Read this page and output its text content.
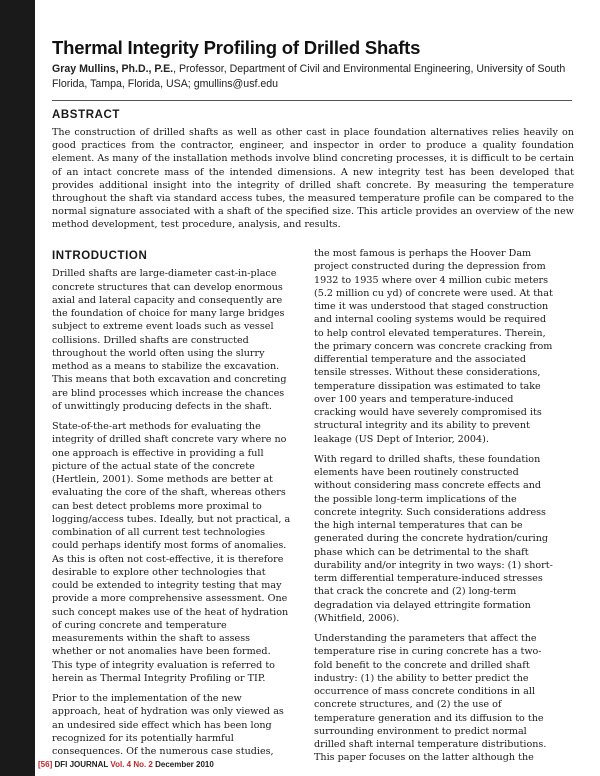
Thermal Integrity Profiling of Drilled Shafts
Gray Mullins, Ph.D., P.E., Professor, Department of Civil and Environmental Engineering, University of South Florida, Tampa, Florida, USA; gmullins@usf.edu
ABSTRACT
The construction of drilled shafts as well as other cast in place foundation alternatives relies heavily on good practices from the contractor, engineer, and inspector in order to produce a quality foundation element. As many of the installation methods involve blind concreting processes, it is difficult to be certain of an intact concrete mass of the intended dimensions. A new integrity test has been developed that provides additional insight into the integrity of drilled shaft concrete. By measuring the temperature throughout the shaft via standard access tubes, the measured temperature profile can be compared to the normal signature associated with a shaft of the specified size. This article provides an overview of the new method development, test procedure, analysis, and results.
INTRODUCTION

Drilled shafts are large-diameter cast-in-place concrete structures that can develop enormous axial and lateral capacity and consequently are the foundation of choice for many large bridges subject to extreme event loads such as vessel collisions. Drilled shafts are constructed throughout the world often using the slurry method as a means to stabilize the excavation. This means that both excavation and concreting are blind processes which increase the chances of unwittingly producing defects in the shaft.

State-of-the-art methods for evaluating the integrity of drilled shaft concrete vary where no one approach is effective in providing a full picture of the actual state of the concrete (Hertlein, 2001). Some methods are better at evaluating the core of the shaft, whereas others can best detect problems more proximal to logging/access tubes. Ideally, but not practical, a combination of all current test technologies could perhaps identify most forms of anomalies. As this is often not cost-effective, it is therefore desirable to explore other technologies that could be extended to integrity testing that may provide a more comprehensive assessment. One such concept makes use of the heat of hydration of curing concrete and temperature measurements within the shaft to assess whether or not anomalies have been formed. This type of integrity evaluation is referred to herein as Thermal Integrity Profiling or TIP.

Prior to the implementation of the new approach, heat of hydration was only viewed as an undesired side effect which has been long recognized for its potentially harmful consequences. Of the numerous case studies,

the most famous is perhaps the Hoover Dam project constructed during the depression from 1932 to 1935 where over 4 million cubic meters (5.2 million cu yd) of concrete were used. At that time it was understood that staged construction and internal cooling systems would be required to help control elevated temperatures. Therein, the primary concern was concrete cracking from differential temperature and the associated tensile stresses. Without these considerations, temperature dissipation was estimated to take over 100 years and temperature-induced cracking would have severely compromised its structural integrity and its ability to prevent leakage (US Dept of Interior, 2004).

With regard to drilled shafts, these foundation elements have been routinely constructed without considering mass concrete effects and the possible long-term implications of the concrete integrity. Such considerations address the high internal temperatures that can be generated during the concrete hydration/curing phase which can be detrimental to the shaft durability and/or integrity in two ways: (1) short-term differential temperature-induced stresses that crack the concrete and (2) long-term degradation via delayed ettringite formation (Whitfield, 2006).

Understanding the parameters that affect the temperature rise in curing concrete has a two-fold benefit to the concrete and drilled shaft industry: (1) the ability to better predict the occurrence of mass concrete conditions in all concrete structures, and (2) the use of temperature generation and its diffusion to the surrounding environment to predict normal drilled shaft internal temperature distributions. This paper focuses on the latter although the

[56] DFI JOURNAL Vol. 4 No. 2 December 2010
